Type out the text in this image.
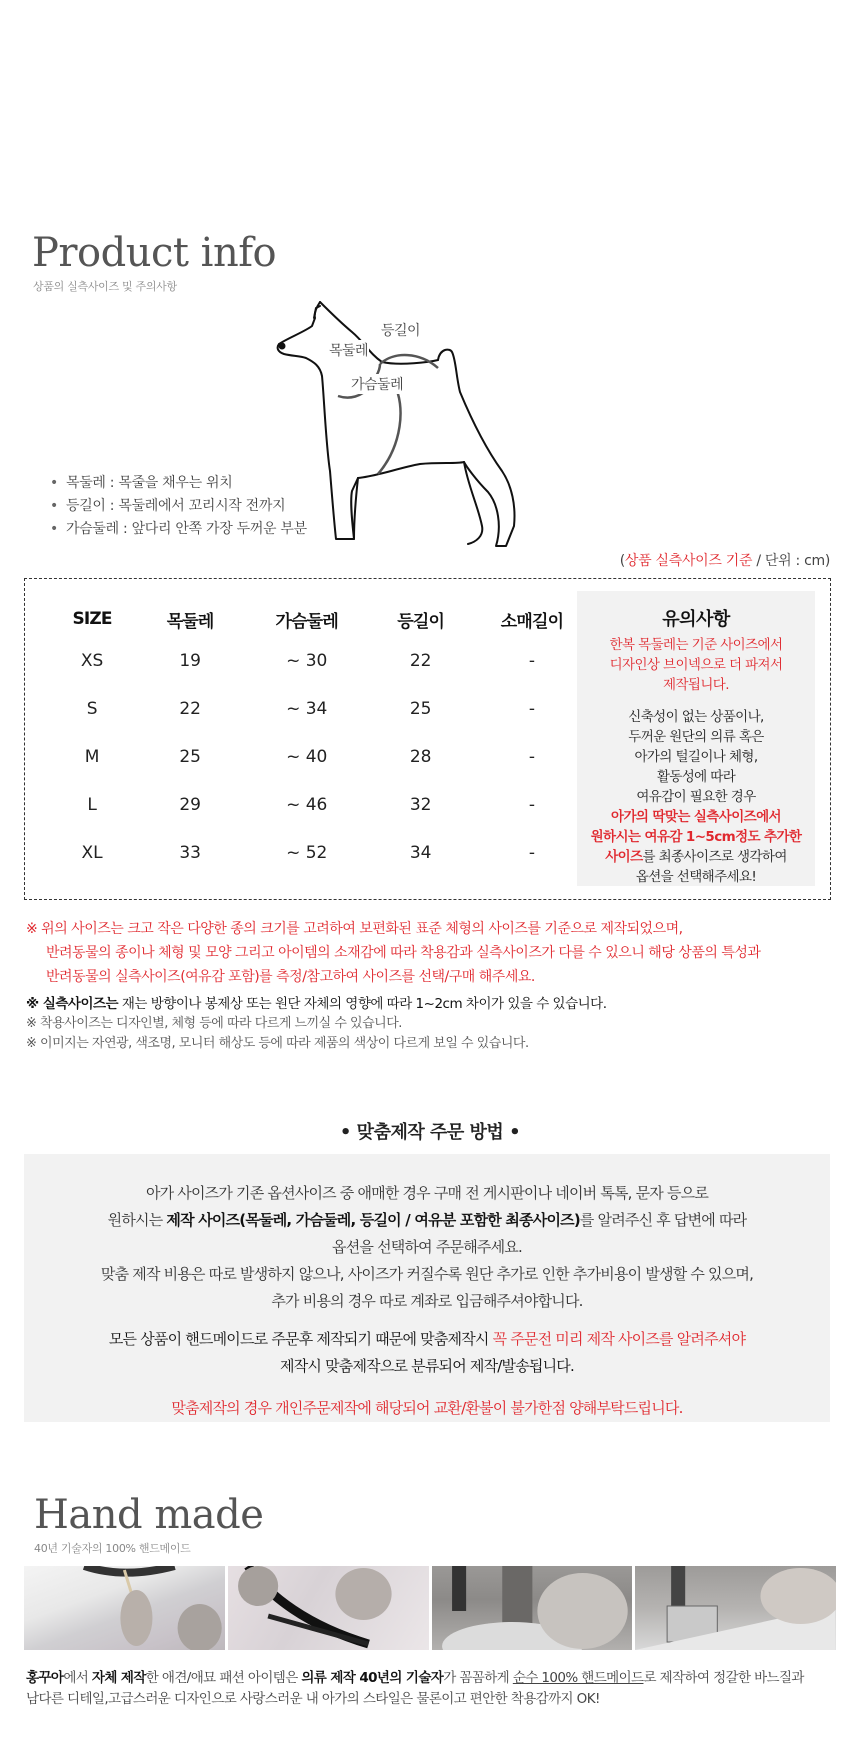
Product info
상품의 실측사이즈 및 주의사항
등길이
목둘레
가슴둘레
• 목둘레 : 목줄을 채우는 위치
• 등길이 : 목둘레에서 꼬리시작 전까지
• 가슴둘레 : 앞다리 안쪽 가장 두꺼운 부분
(상품 실측사이즈 기준 / 단위 : cm)
SIZE	목둘레	가슴둘레	등길이	소매길이
XS	19	~ 30	22	-
S	22	~ 34	25	-
M	25	~ 40	28	-
L	29	~ 46	32	-
XL	33	~ 52	34	-
유의사항
한복 목둘레는 기준 사이즈에서
디자인상 브이넥으로 더 파져서
제작됩니다.
신축성이 없는 상품이나,
두꺼운 원단의 의류 혹은
아가의 털길이나 체형,
활동성에 따라
여유감이 필요한 경우
아가의 딱맞는 실측사이즈에서
원하시는 여유감 1~5cm정도 추가한
사이즈를 최종사이즈로 생각하여
옵션을 선택해주세요!
※ 위의 사이즈는 크고 작은 다양한 종의 크기를 고려하여 보편화된 표준 체형의 사이즈를 기준으로 제작되었으며,
반려동물의 종이나 체형 및 모양 그리고 아이템의 소재감에 따라 착용감과 실측사이즈가 다를 수 있으니 해당 상품의 특성과
반려동물의 실측사이즈(여유감 포함)를 측정/참고하여 사이즈를 선택/구매 해주세요.
※ 실측사이즈는 재는 방향이나 봉제상 또는 원단 자체의 영향에 따라 1~2cm 차이가 있을 수 있습니다.
※ 착용사이즈는 디자인별, 체형 등에 따라 다르게 느끼실 수 있습니다.
※ 이미지는 자연광, 색조명, 모니터 해상도 등에 따라 제품의 색상이 다르게 보일 수 있습니다.
• 맞춤제작 주문 방법 •
아가 사이즈가 기존 옵션사이즈 중 애매한 경우 구매 전 게시판이나 네이버 톡톡, 문자 등으로
원하시는 제작 사이즈(목둘레, 가슴둘레, 등길이 / 여유분 포함한 최종사이즈)를 알려주신 후 답변에 따라
옵션을 선택하여 주문해주세요.
맞춤 제작 비용은 따로 발생하지 않으나, 사이즈가 커질수록 원단 추가로 인한 추가비용이 발생할 수 있으며,
추가 비용의 경우 따로 계좌로 입금해주셔야합니다.
모든 상품이 핸드메이드로 주문후 제작되기 때문에 맞춤제작시 꼭 주문전 미리 제작 사이즈를 알려주셔야
제작시 맞춤제작으로 분류되어 제작/발송됩니다.
맞춤제작의 경우 개인주문제작에 해당되어 교환/환불이 불가한점 양해부탁드립니다.
Hand made
40년 기술자의 100% 핸드메이드
홍꾸아에서 자체 제작한 애견/애묘 패션 아이템은 의류 제작 40년의 기술자가 꼼꼼하게 순수 100% 핸드메이드로 제작하여 정갈한 바느질과
남다른 디테일,고급스러운 디자인으로 사랑스러운 내 아가의 스타일은 물론이고 편안한 착용감까지 OK!
